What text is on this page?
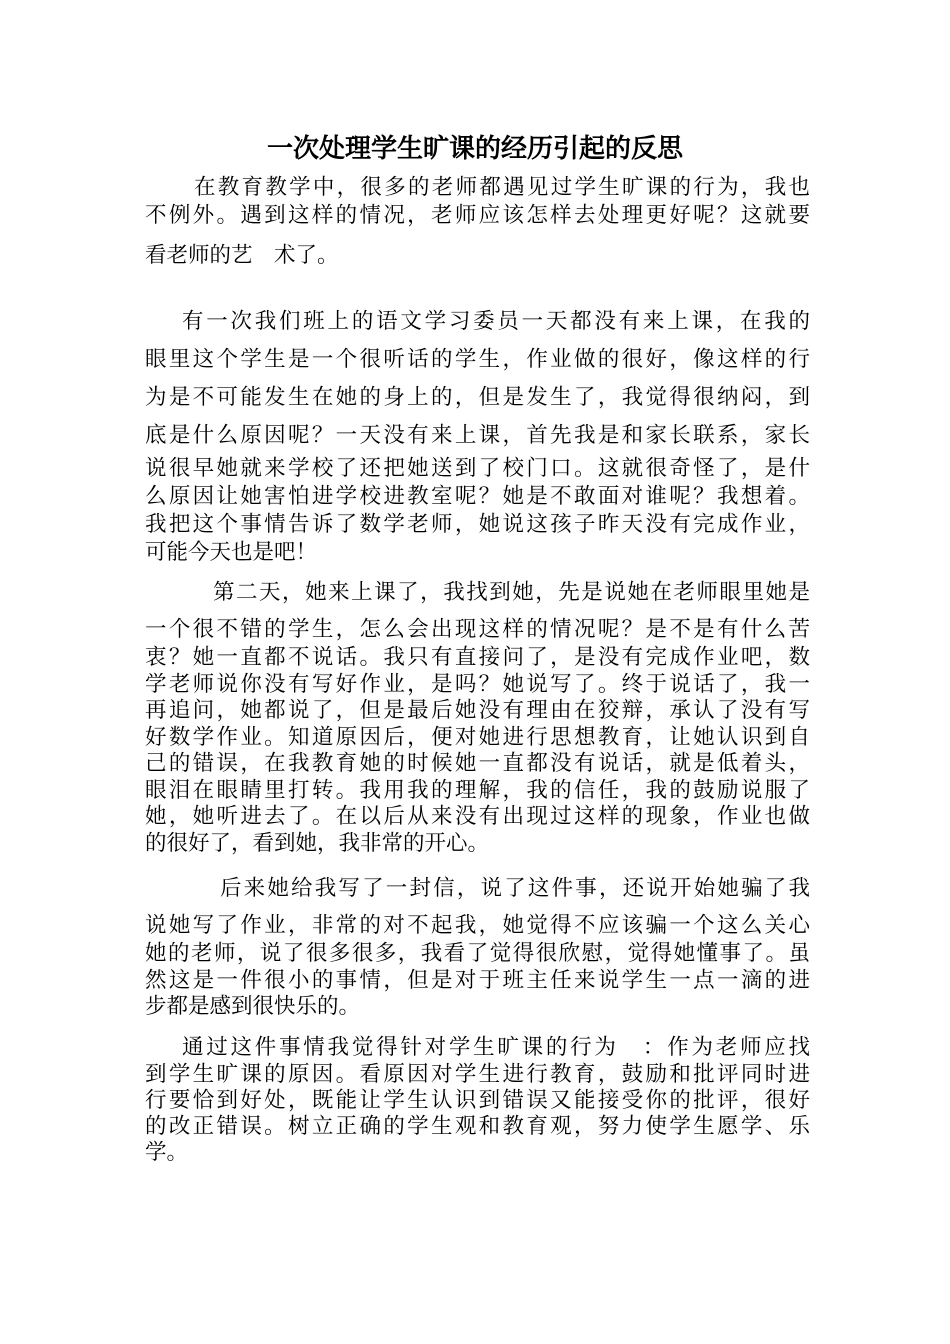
一次处理学生旷课的经历引起的反思
在教育教学中，很多的老师都遇见过学生旷课的行为，我也
不例外。遇到这样的情况，老师应该怎样去处理更好呢？这就要
看老师的艺　术了。
有一次我们班上的语文学习委员一天都没有来上课，在我的
眼里这个学生是一个很听话的学生，作业做的很好，像这样的行
为是不可能发生在她的身上的，但是发生了，我觉得很纳闷，到
底是什么原因呢？一天没有来上课，首先我是和家长联系，家长
说很早她就来学校了还把她送到了校门口。这就很奇怪了，是什
么原因让她害怕进学校进教室呢？她是不敢面对谁呢？我想着。
我把这个事情告诉了数学老师，她说这孩子昨天没有完成作业，
可能今天也是吧！
第二天，她来上课了，我找到她，先是说她在老师眼里她是
一个很不错的学生，怎么会出现这样的情况呢？是不是有什么苦
衷？她一直都不说话。我只有直接问了，是没有完成作业吧，数
学老师说你没有写好作业，是吗？她说写了。终于说话了，我一
再追问，她都说了，但是最后她没有理由在狡辩，承认了没有写
好数学作业。知道原因后，便对她进行思想教育，让她认识到自
己的错误，在我教育她的时候她一直都没有说话，就是低着头，
眼泪在眼睛里打转。我用我的理解，我的信任，我的鼓励说服了
她，她听进去了。在以后从来没有出现过这样的现象，作业也做
的很好了，看到她，我非常的开心。
后来她给我写了一封信，说了这件事，还说开始她骗了我
说她写了作业，非常的对不起我，她觉得不应该骗一个这么关心
她的老师，说了很多很多，我看了觉得很欣慰，觉得她懂事了。虽
然这是一件很小的事情，但是对于班主任来说学生一点一滴的进
步都是感到很快乐的。
通过这件事情我觉得针对学生旷课的行为　：作为老师应找
到学生旷课的原因。看原因对学生进行教育，鼓励和批评同时进
行要恰到好处，既能让学生认识到错误又能接受你的批评，很好
的改正错误。树立正确的学生观和教育观，努力使学生愿学、乐
学。
